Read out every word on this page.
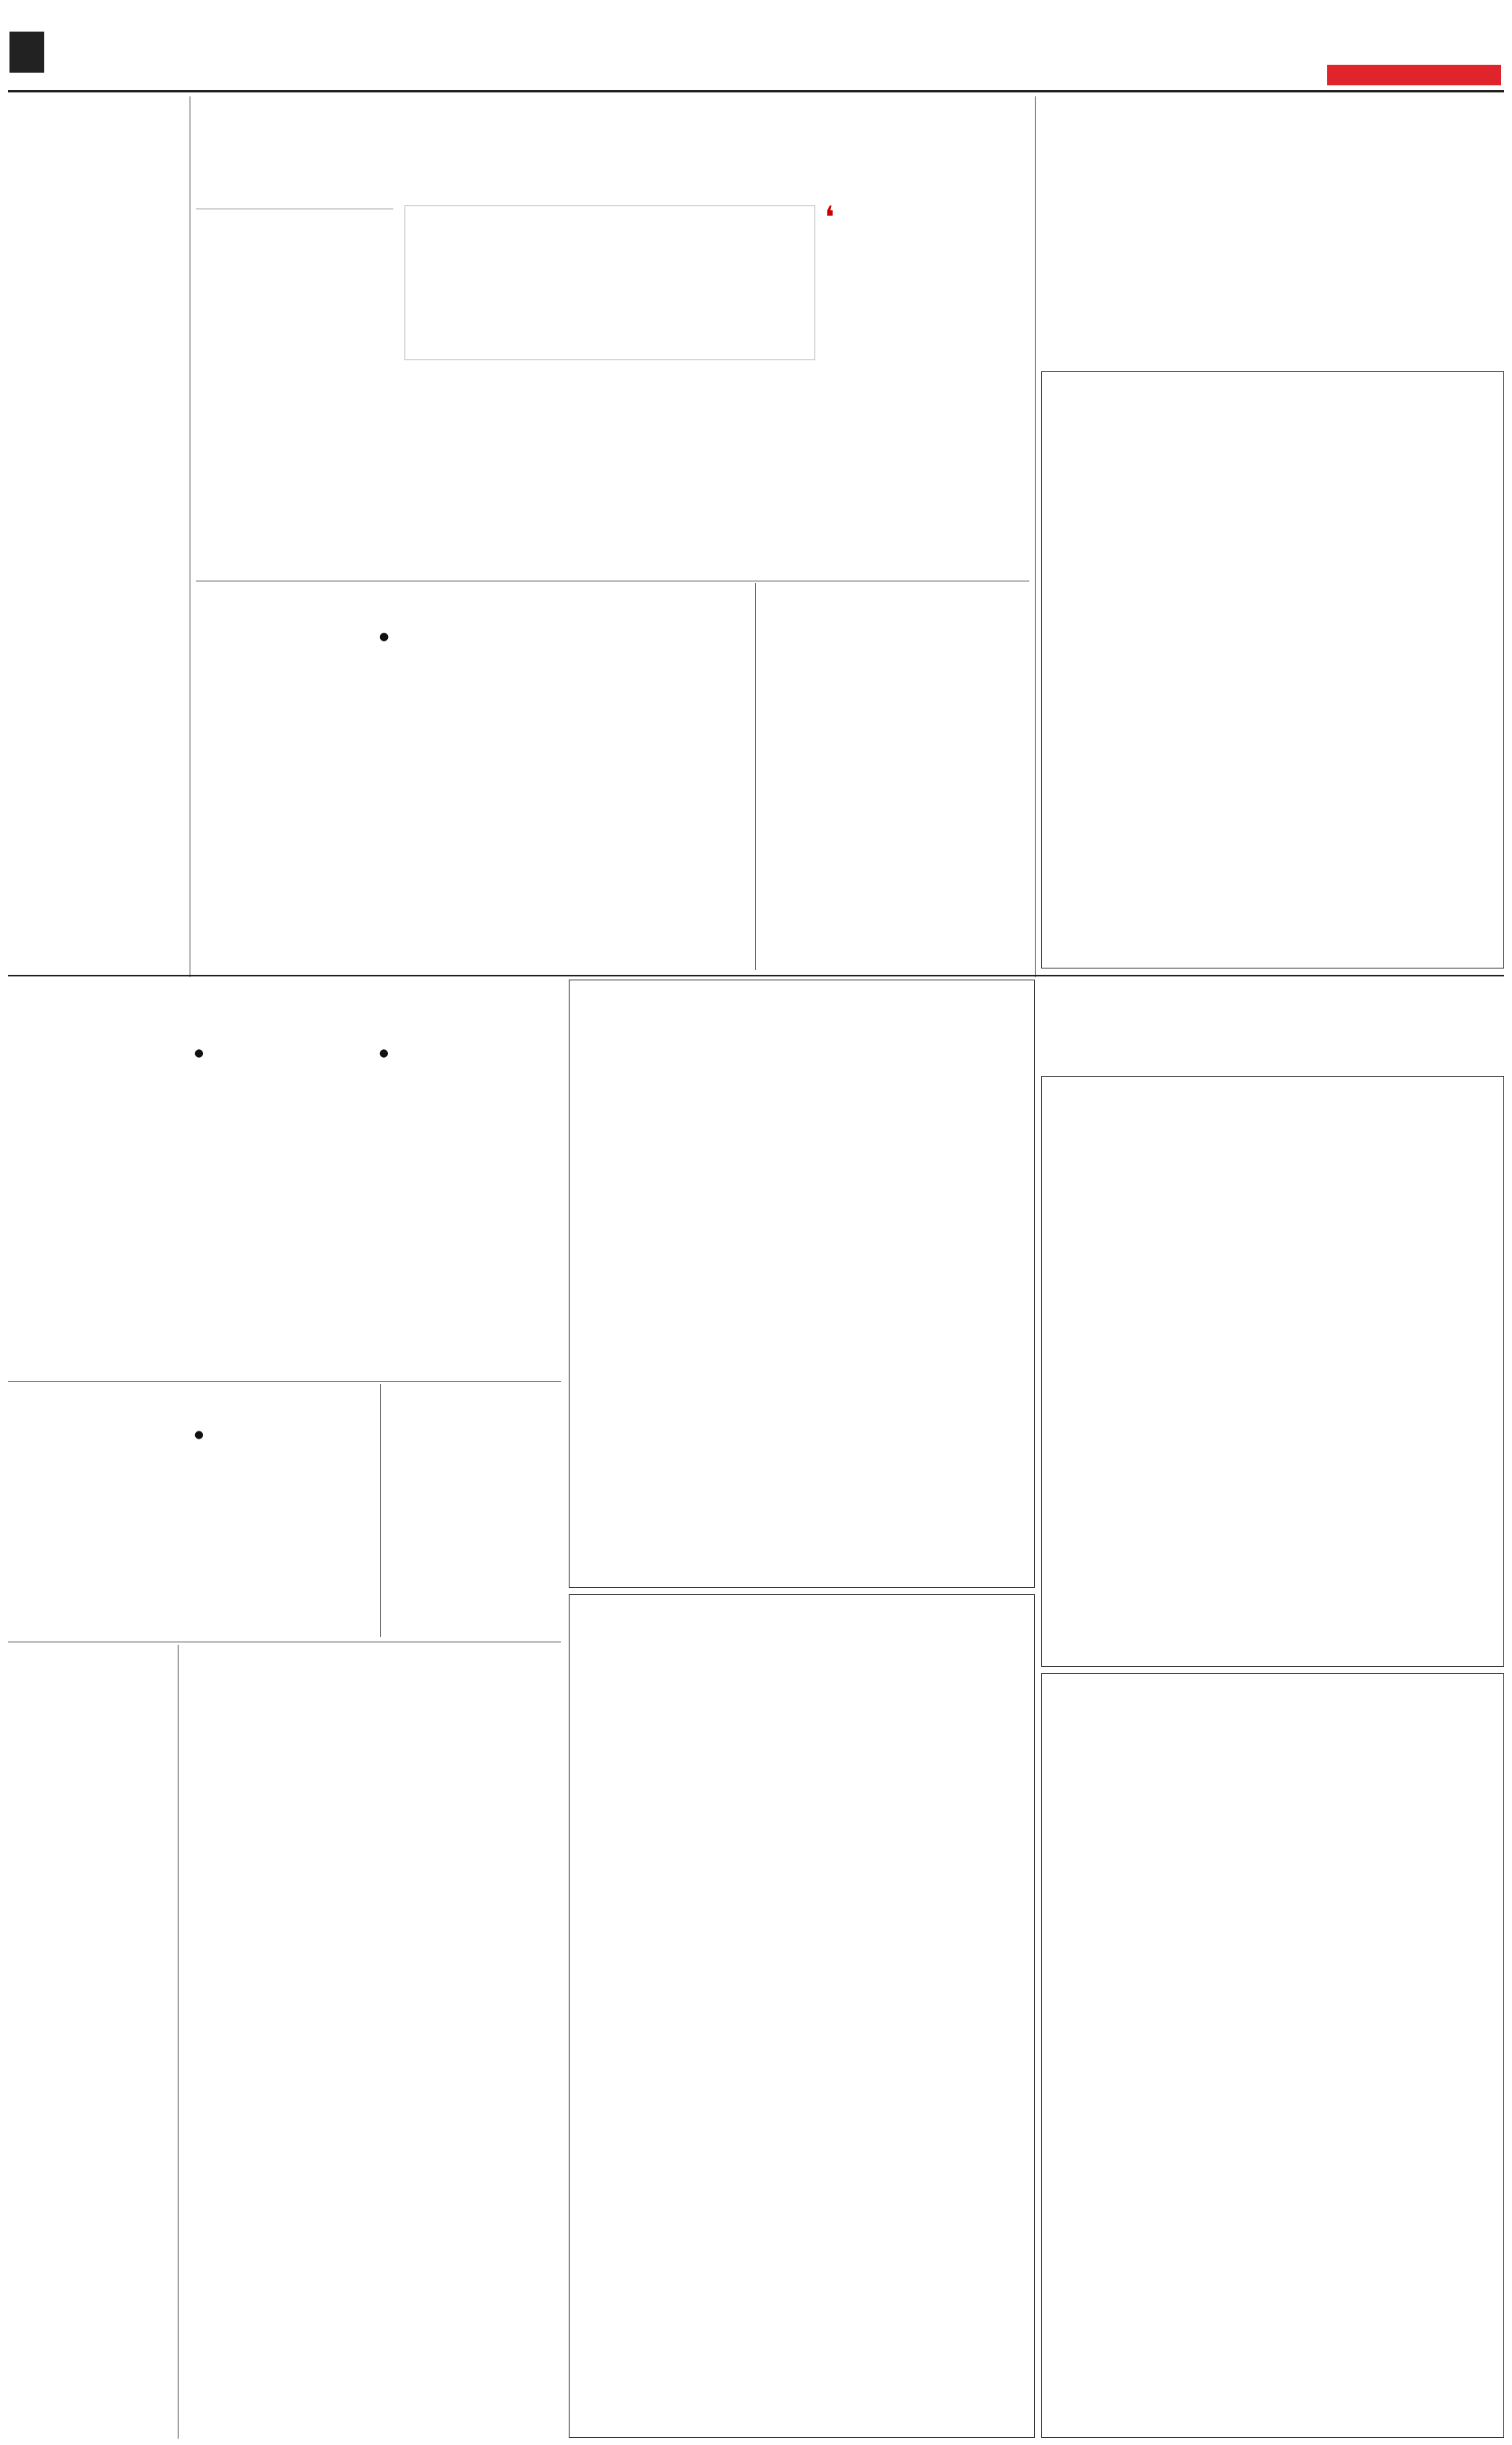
❛
●
●	●
●
